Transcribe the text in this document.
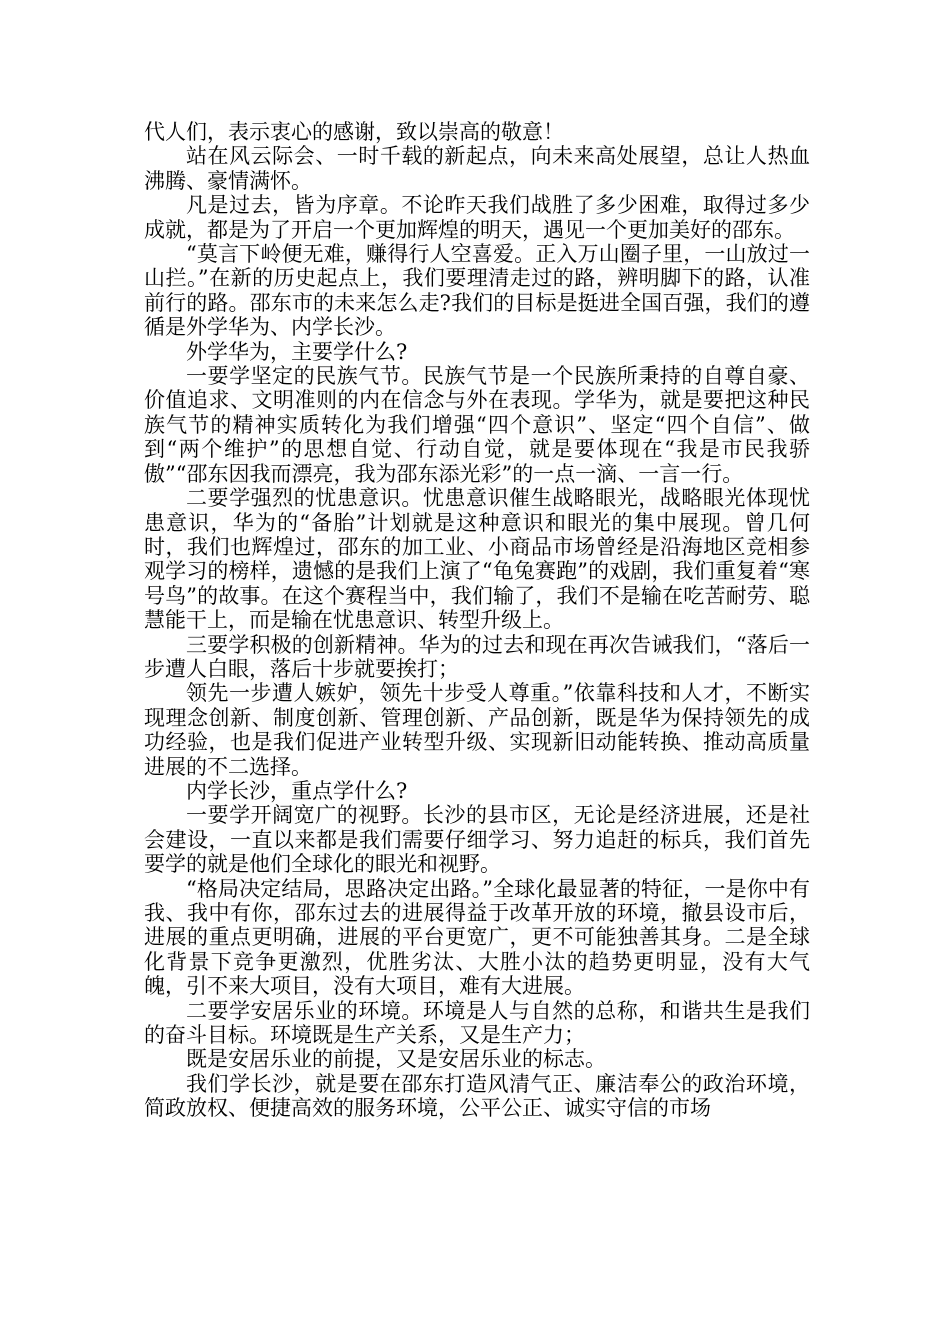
代人们，表示衷心的感谢，致以崇高的敬意！

站在风云际会、一时千载的新起点，向未来高处展望，总让人热血沸腾、豪情满怀。

凡是过去，皆为序章。不论昨天我们战胜了多少困难，取得过多少成就，都是为了开启一个更加辉煌的明天，遇见一个更加美好的邵东。

“莫言下岭便无难，赚得行人空喜爱。正入万山圈子里，一山放过一山拦。”在新的历史起点上，我们要理清走过的路，辨明脚下的路，认准前行的路。邵东市的未来怎么走?我们的目标是挺进全国百强，我们的遵循是外学华为、内学长沙。

外学华为，主要学什么?

一要学坚定的民族气节。民族气节是一个民族所秉持的自尊自豪、价值追求、文明准则的内在信念与外在表现。学华为，就是要把这种民族气节的精神实质转化为我们增强“四个意识”、坚定“四个自信”、做到“两个维护”的思想自觉、行动自觉，就是要体现在“我是市民我骄傲”“邵东因我而漂亮，我为邵东添光彩”的一点一滴、一言一行。

二要学强烈的忧患意识。忧患意识催生战略眼光，战略眼光体现忧患意识，华为的“备胎”计划就是这种意识和眼光的集中展现。曾几何时，我们也辉煌过，邵东的加工业、小商品市场曾经是沿海地区竞相参观学习的榜样，遗憾的是我们上演了“龟兔赛跑”的戏剧，我们重复着“寒号鸟”的故事。在这个赛程当中，我们输了，我们不是输在吃苦耐劳、聪慧能干上，而是输在忧患意识、转型升级上。

三要学积极的创新精神。华为的过去和现在再次告诫我们，“落后一步遭人白眼，落后十步就要挨打；

领先一步遭人嫉妒，领先十步受人尊重。”依靠科技和人才，不断实现理念创新、制度创新、管理创新、产品创新，既是华为保持领先的成功经验，也是我们促进产业转型升级、实现新旧动能转换、推动高质量进展的不二选择。

内学长沙，重点学什么?

一要学开阔宽广的视野。长沙的县市区，无论是经济进展，还是社会建设，一直以来都是我们需要仔细学习、努力追赶的标兵，我们首先要学的就是他们全球化的眼光和视野。

“格局决定结局，思路决定出路。”全球化最显著的特征，一是你中有我、我中有你，邵东过去的进展得益于改革开放的环境，撤县设市后，进展的重点更明确，进展的平台更宽广，更不可能独善其身。二是全球化背景下竞争更激烈，优胜劣汰、大胜小汰的趋势更明显，没有大气魄，引不来大项目，没有大项目，难有大进展。

二要学安居乐业的环境。环境是人与自然的总称，和谐共生是我们的奋斗目标。环境既是生产关系，又是生产力；

既是安居乐业的前提，又是安居乐业的标志。

我们学长沙，就是要在邵东打造风清气正、廉洁奉公的政治环境，简政放权、便捷高效的服务环境，公平公正、诚实守信的市场
